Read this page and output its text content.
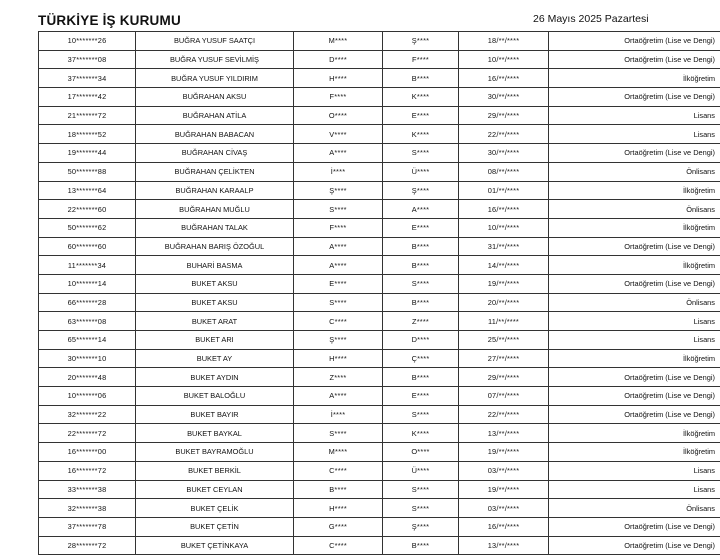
TÜRKİYE İŞ KURUMU	26 Mayıs 2025 Pazartesi
10*******26	BUĞRA YUSUF SAATÇI	M****	Ş****	18/**/****	Ortaöğretim (Lise ve Dengi)
37*******08	BUĞRA YUSUF SEVİLMİŞ	D****	F****	10/**/****	Ortaöğretim (Lise ve Dengi)
37*******34	BUĞRA YUSUF YILDIRIM	H****	B****	16/**/****	İlköğretim
17*******42	BUĞRAHAN AKSU	F****	K****	30/**/****	Ortaöğretim (Lise ve Dengi)
21*******72	BUĞRAHAN ATİLA	O****	E****	29/**/****	Lisans
18*******52	BUĞRAHAN BABACAN	V****	K****	22/**/****	Lisans
19*******44	BUĞRAHAN CİVAŞ	A****	S****	30/**/****	Ortaöğretim (Lise ve Dengi)
50*******88	BUĞRAHAN ÇELİKTEN	İ****	Ü****	08/**/****	Önlisans
13*******64	BUĞRAHAN KARAALP	Ş****	Ş****	01/**/****	İlköğretim
22*******60	BUĞRAHAN MUĞLU	S****	A****	16/**/****	Önlisans
50*******62	BUĞRAHAN TALAK	F****	E****	10/**/****	İlköğretim
60*******60	BUĞRAHAN BARIŞ ÖZOĞUL	A****	B****	31/**/****	Ortaöğretim (Lise ve Dengi)
11*******34	BUHARİ BASMA	A****	B****	14/**/****	İlköğretim
10*******14	BUKET AKSU	E****	S****	19/**/****	Ortaöğretim (Lise ve Dengi)
66*******28	BUKET AKSU	S****	B****	20/**/****	Önlisans
63*******08	BUKET ARAT	C****	Z****	11/**/****	Lisans
65*******14	BUKET ARI	Ş****	D****	25/**/****	Lisans
30*******10	BUKET AY	H****	Ç****	27/**/****	İlköğretim
20*******48	BUKET AYDIN	Z****	B****	29/**/****	Ortaöğretim (Lise ve Dengi)
10*******06	BUKET BALOĞLU	A****	E****	07/**/****	Ortaöğretim (Lise ve Dengi)
32*******22	BUKET BAYIR	İ****	S****	22/**/****	Ortaöğretim (Lise ve Dengi)
22*******72	BUKET BAYKAL	S****	K****	13/**/****	İlköğretim
16*******00	BUKET BAYRAMOĞLU	M****	O****	19/**/****	İlköğretim
16*******72	BUKET BERKİL	C****	Ü****	03/**/****	Lisans
33*******38	BUKET CEYLAN	B****	S****	19/**/****	Lisans
32*******38	BUKET ÇELİK	H****	S****	03/**/****	Önlisans
37*******78	BUKET ÇETİN	G****	Ş****	16/**/****	Ortaöğretim (Lise ve Dengi)
28*******72	BUKET ÇETİNKAYA	C****	B****	13/**/****	Ortaöğretim (Lise ve Dengi)
